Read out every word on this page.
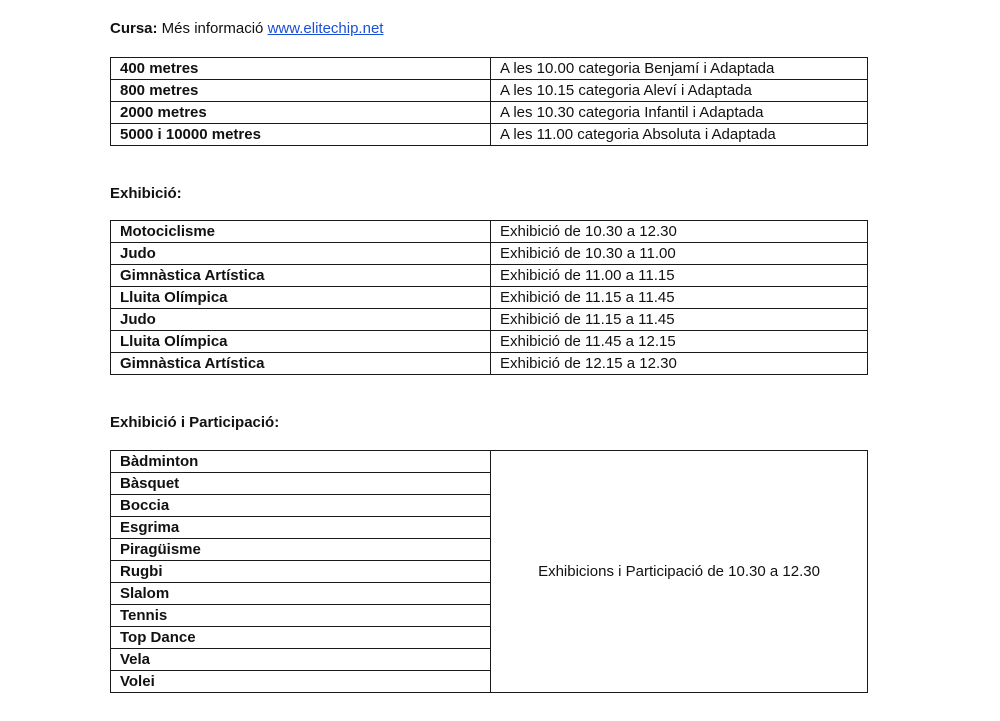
Cursa: Més informació www.elitechip.net
400 metres	A les 10.00 categoria Benjamí i Adaptada
800 metres	A les 10.15 categoria Aleví i Adaptada
2000 metres	A les 10.30 categoria Infantil i Adaptada
5000 i 10000 metres	A les 11.00 categoria Absoluta i Adaptada
Exhibició:
Motociclisme	Exhibició de 10.30 a 12.30
Judo	Exhibició de 10.30 a 11.00
Gimnàstica Artística	Exhibició de 11.00 a 11.15
Lluita Olímpica	Exhibició de 11.15 a 11.45
Judo	Exhibició de 11.15 a 11.45
Lluita Olímpica	Exhibició de 11.45 a 12.15
Gimnàstica Artística	Exhibició de 12.15 a 12.30
Exhibició i Participació:
Bàdminton	Exhibicions i Participació de 10.30 a 12.30
Bàsquet
Boccia
Esgrima
Piragüisme
Rugbi
Slalom
Tennis
Top Dance
Vela
Volei
